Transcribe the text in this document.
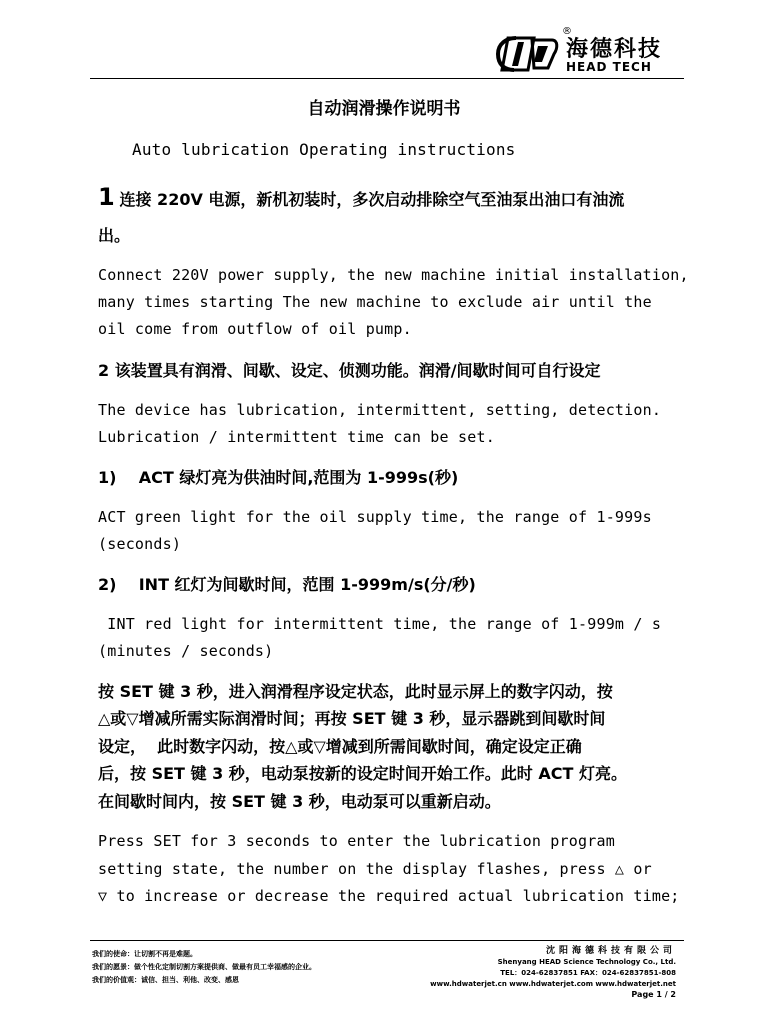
®
海德科技
HEAD TECH
自动润滑操作说明书
Auto lubrication Operating instructions
1 连接 220V 电源，新机初装时，多次启动排除空气至油泵出油口有油流
出。
Connect 220V power supply, the new machine initial installation,
many times starting The new machine to exclude air until the
oil come from outflow of oil pump.
2 该装置具有润滑、间歇、设定、侦测功能。润滑/间歇时间可自行设定
The device has lubrication, intermittent, setting, detection.
Lubrication / intermittent time can be set.
1)    ACT 绿灯亮为供油时间,范围为 1-999s(秒)
ACT green light for the oil supply time, the range of 1-999s
(seconds)
2)    INT 红灯为间歇时间，范围 1-999m/s(分/秒)
INT red light for intermittent time, the range of 1-999m / s
(minutes / seconds)
按 SET 键 3 秒，进入润滑程序设定状态，此时显示屏上的数字闪动，按
△或▽增减所需实际润滑时间；再按 SET 键 3 秒，显示器跳到间歇时间
设定，  此时数字闪动，按△或▽增减到所需间歇时间，确定设定正确
后，按 SET 键 3 秒，电动泵按新的设定时间开始工作。此时 ACT 灯亮。
在间歇时间内，按 SET 键 3 秒，电动泵可以重新启动。
Press SET for 3 seconds to enter the lubrication program
setting state, the number on the display flashes, press △ or
▽ to increase or decrease the required actual lubrication time;
我们的使命：让切割不再是难题。
我们的愿景：做个性化定制切割方案提供商、做最有员工幸福感的企业。
我们的价值观：诚信、担当、利他、改变、感恩
沈阳海德科技有限公司
Shenyang HEAD Science Technology Co., Ltd.
TEL：024-62837851 FAX：024-62837851-808
www.hdwaterjet.cn www.hdwaterjet.com www.hdwaterjet.net
Page 1 / 2
